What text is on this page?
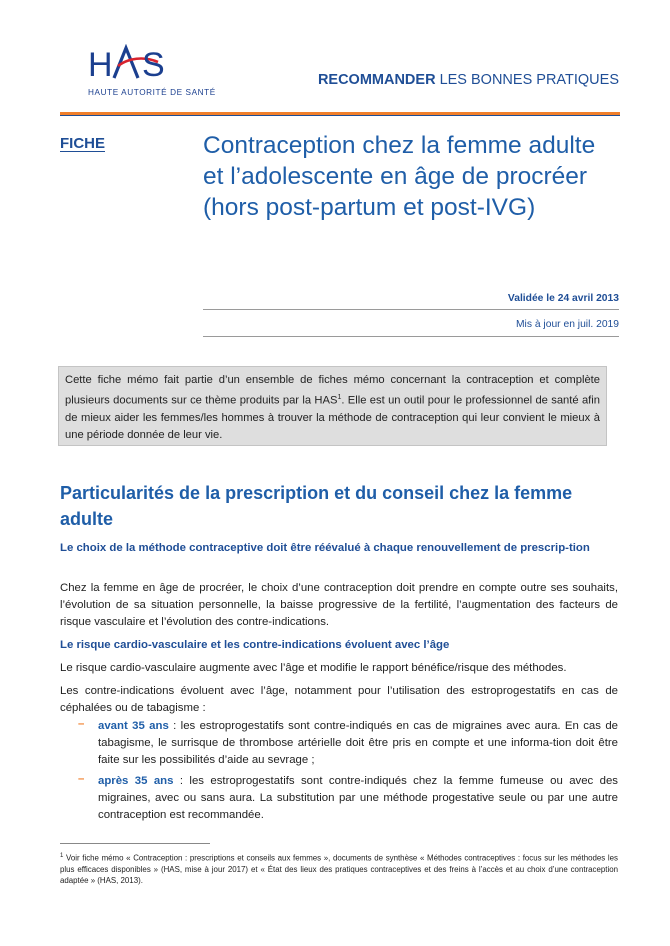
H S
HAUTE AUTORITÉ DE SANTÉ
RECOMMANDER LES BONNES PRATIQUES
FICHE	Contraception chez la femme adulte et l’adolescente en âge de procréer (hors post-partum et post-IVG)
Validée le 24 avril 2013
Mis à jour en juil. 2019
Cette fiche mémo fait partie d’un ensemble de fiches mémo concernant la contraception et complète plusieurs documents sur ce thème produits par la HAS$^1$. Elle est un outil pour le professionnel de santé afin de mieux aider les femmes/les hommes à trouver la méthode de contraception qui leur convient le mieux à une période donnée de leur vie.
Particularités de la prescription et du conseil chez la femme adulte
Le choix de la méthode contraceptive doit être réévalué à chaque renouvellement de prescrip-tion
Chez la femme en âge de procréer, le choix d’une contraception doit prendre en compte outre ses souhaits, l’évolution de sa situation personnelle, la baisse progressive de la fertilité, l’augmentation des facteurs de risque vasculaire et l’évolution des contre-indications.
Le risque cardio-vasculaire et les contre-indications évoluent avec l’âge
Le risque cardio-vasculaire augmente avec l’âge et modifie le rapport bénéfice/risque des méthodes.
Les contre-indications évoluent avec l’âge, notamment pour l’utilisation des estroprogestatifs en cas de céphalées ou de tabagisme :
– avant 35 ans : les estroprogestatifs sont contre-indiqués en cas de migraines avec aura. En cas de tabagisme, le surrisque de thrombose artérielle doit être pris en compte et une informa-tion doit être faite sur les possibilités d’aide au sevrage ;
– après 35 ans : les estroprogestatifs sont contre-indiqués chez la femme fumeuse ou avec des migraines, avec ou sans aura. La substitution par une méthode progestative seule ou par une autre contraception est recommandée.
$^1$ Voir fiche mémo « Contraception : prescriptions et conseils aux femmes », documents de synthèse « Méthodes contraceptives : focus sur les méthodes les plus efficaces disponibles » (HAS, mise à jour 2017) et « État des lieux des pratiques contraceptives et des freins à l’accès et au choix d’une contraception adaptée » (HAS, 2013).
